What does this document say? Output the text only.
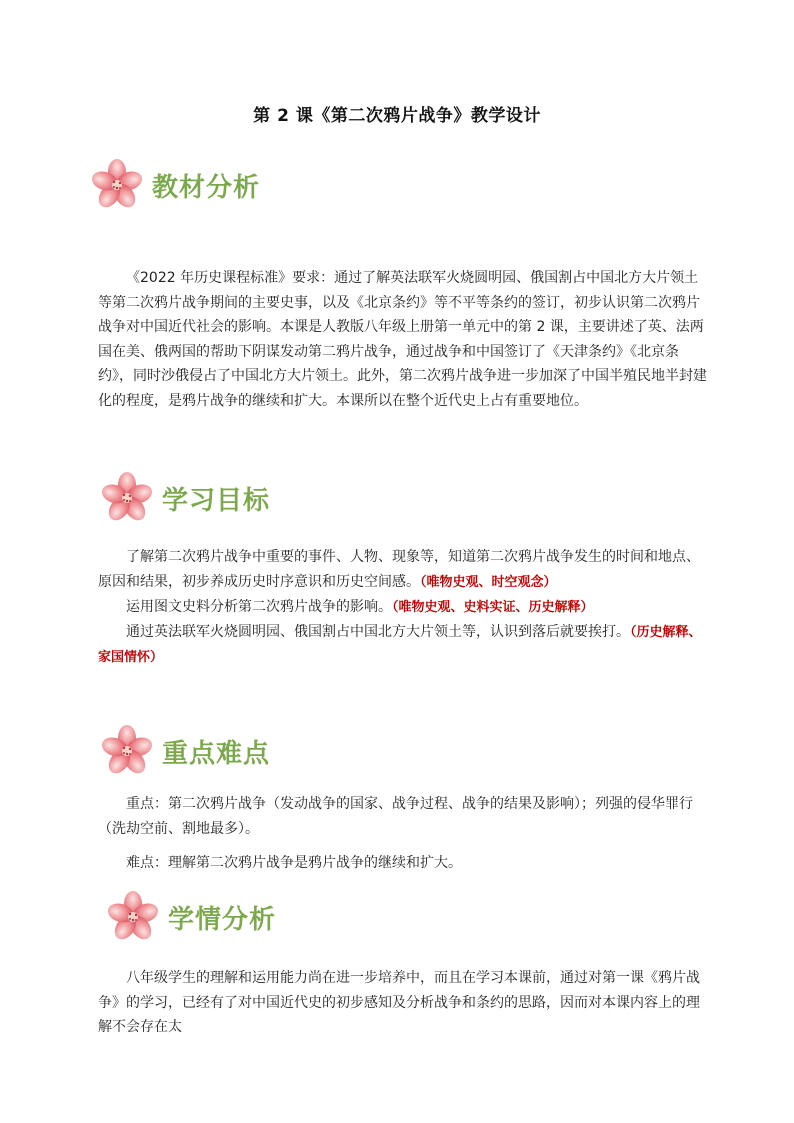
第 2 课《第二次鸦片战争》教学设计
教材分析
《2022 年历史课程标准》要求：通过了解英法联军火烧圆明园、俄国割占中国北方大片领土等第二次鸦片战争期间的主要史事，以及《北京条约》等不平等条约的签订，初步认识第二次鸦片战争对中国近代社会的影响。本课是人教版八年级上册第一单元中的第 2 课，主要讲述了英、法两国在美、俄两国的帮助下阴谋发动第二鸦片战争，通过战争和中国签订了《天津条约》《北京条约》，同时沙俄侵占了中国北方大片领土。此外，第二次鸦片战争进一步加深了中国半殖民地半封建化的程度，是鸦片战争的继续和扩大。本课所以在整个近代史上占有重要地位。
学习目标
了解第二次鸦片战争中重要的事件、人物、现象等，知道第二次鸦片战争发生的时间和地点、原因和结果，初步养成历史时序意识和历史空间感。（唯物史观、时空观念）
运用图文史料分析第二次鸦片战争的影响。（唯物史观、史料实证、历史解释）
通过英法联军火烧圆明园、俄国割占中国北方大片领土等，认识到落后就要挨打。（历史解释、家国情怀）
重点难点
重点：第二次鸦片战争（发动战争的国家、战争过程、战争的结果及影响）；列强的侵华罪行（洗劫空前、割地最多）。
难点：理解第二次鸦片战争是鸦片战争的继续和扩大。
学情分析
八年级学生的理解和运用能力尚在进一步培养中，而且在学习本课前，通过对第一课《鸦片战争》的学习，已经有了对中国近代史的初步感知及分析战争和条约的思路，因而对本课内容上的理解不会存在太
